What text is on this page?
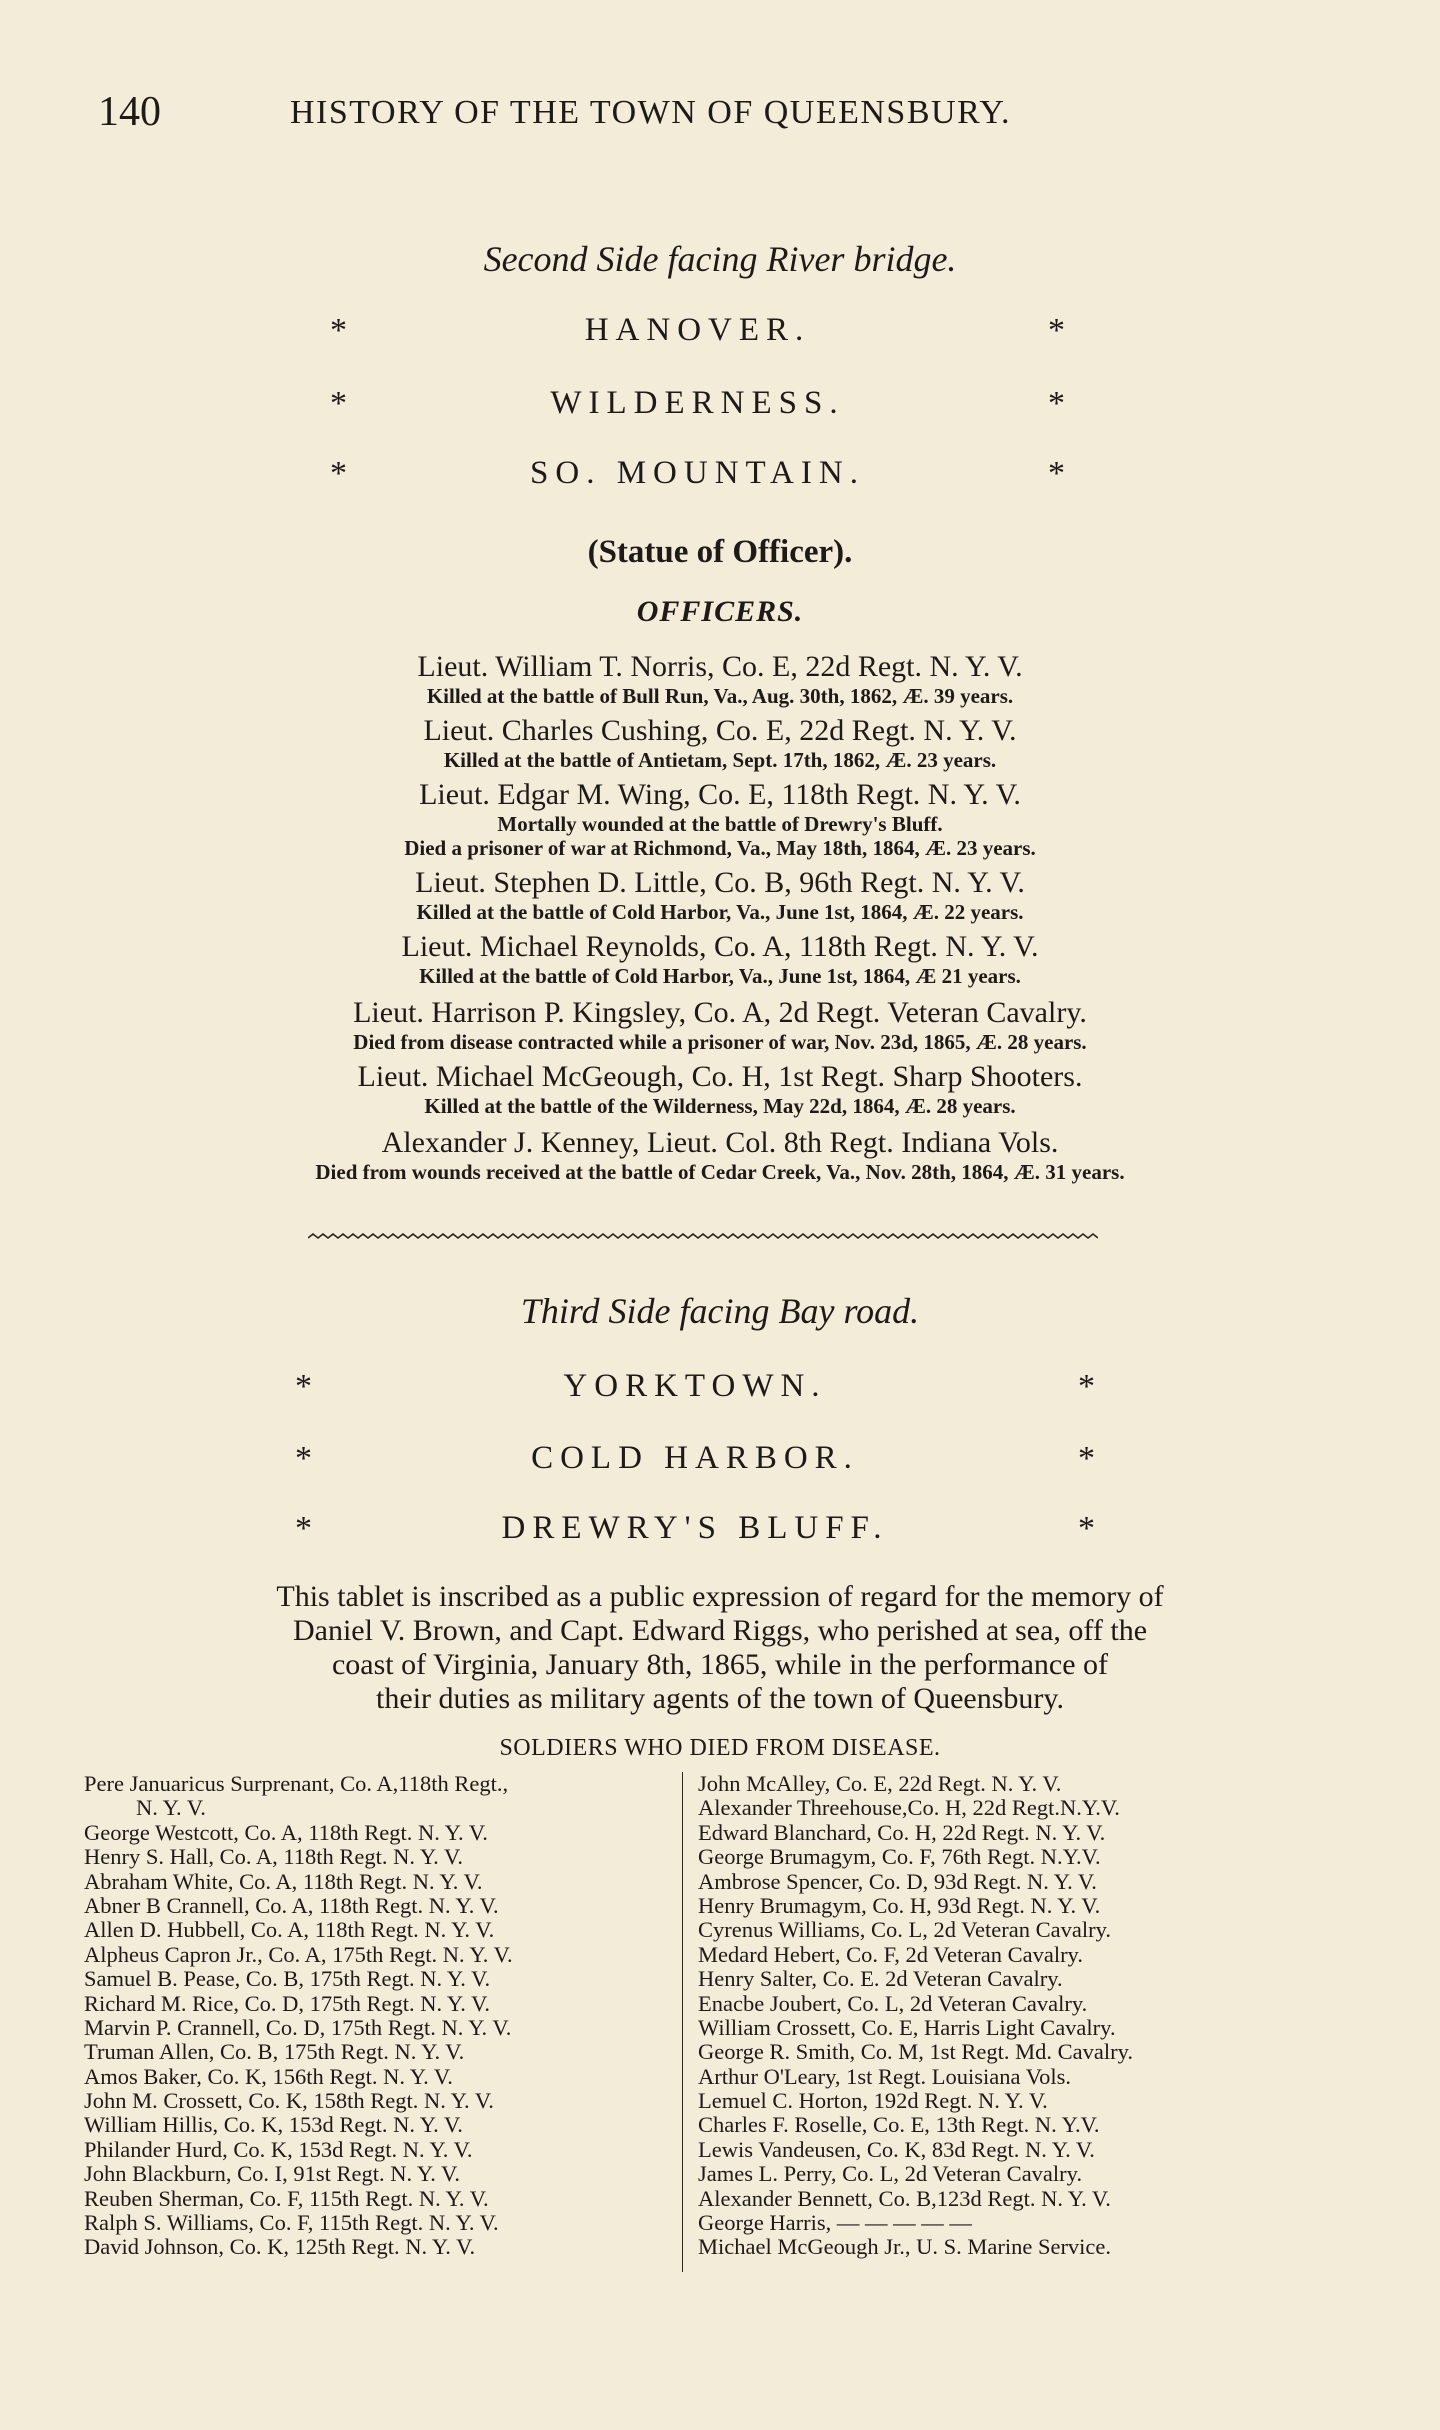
140	HISTORY OF THE TOWN OF QUEENSBURY.
Second Side facing River bridge.
*	HANOVER.	*
*	WILDERNESS.	*
*	SO. MOUNTAIN.	*
(Statue of Officer).
OFFICERS.
Lieut. William T. Norris, Co. E, 22d Regt. N. Y. V.
Killed at the battle of Bull Run, Va., Aug. 30th, 1862, Æ. 39 years.
Lieut. Charles Cushing, Co. E, 22d Regt. N. Y. V.
Killed at the battle of Antietam, Sept. 17th, 1862, Æ. 23 years.
Lieut. Edgar M. Wing, Co. E, 118th Regt. N. Y. V.
Mortally wounded at the battle of Drewry's Bluff.
Died a prisoner of war at Richmond, Va., May 18th, 1864, Æ. 23 years.
Lieut. Stephen D. Little, Co. B, 96th Regt. N. Y. V.
Killed at the battle of Cold Harbor, Va., June 1st, 1864, Æ. 22 years.
Lieut. Michael Reynolds, Co. A, 118th Regt. N. Y. V.
Killed at the battle of Cold Harbor, Va., June 1st, 1864, Æ 21 years.
Lieut. Harrison P. Kingsley, Co. A, 2d Regt. Veteran Cavalry.
Died from disease contracted while a prisoner of war, Nov. 23d, 1865, Æ. 28 years.
Lieut. Michael McGeough, Co. H, 1st Regt. Sharp Shooters.
Killed at the battle of the Wilderness, May 22d, 1864, Æ. 28 years.
Alexander J. Kenney, Lieut. Col. 8th Regt. Indiana Vols.
Died from wounds received at the battle of Cedar Creek, Va., Nov. 28th, 1864, Æ. 31 years.
Third Side facing Bay road.
*	YORKTOWN.	*
*	COLD HARBOR.	*
*	DREWRY'S BLUFF.	*
This tablet is inscribed as a public expression of regard for the memory of
Daniel V. Brown, and Capt. Edward Riggs, who perished at sea, off the
coast of Virginia, January 8th, 1865, while in the performance of
their duties as military agents of the town of Queensbury.
SOLDIERS WHO DIED FROM DISEASE.
Pere Januaricus Surprenant, Co. A,118th Regt.,
N. Y. V.
George Westcott, Co. A, 118th Regt. N. Y. V.
Henry S. Hall, Co. A, 118th Regt. N. Y. V.
Abraham White, Co. A, 118th Regt. N. Y. V.
Abner B Crannell, Co. A, 118th Regt. N. Y. V.
Allen D. Hubbell, Co. A, 118th Regt. N. Y. V.
Alpheus Capron Jr., Co. A, 175th Regt. N. Y. V.
Samuel B. Pease, Co. B, 175th Regt. N. Y. V.
Richard M. Rice, Co. D, 175th Regt. N. Y. V.
Marvin P. Crannell, Co. D, 175th Regt. N. Y. V.
Truman Allen, Co. B, 175th Regt. N. Y. V.
Amos Baker, Co. K, 156th Regt. N. Y. V.
John M. Crossett, Co. K, 158th Regt. N. Y. V.
William Hillis, Co. K, 153d Regt. N. Y. V.
Philander Hurd, Co. K, 153d Regt. N. Y. V.
John Blackburn, Co. I, 91st Regt. N. Y. V.
Reuben Sherman, Co. F, 115th Regt. N. Y. V.
Ralph S. Williams, Co. F, 115th Regt. N. Y. V.
David Johnson, Co. K, 125th Regt. N. Y. V.
John McAlley, Co. E, 22d Regt. N. Y. V.
Alexander Threehouse,Co. H, 22d Regt.N.Y.V.
Edward Blanchard, Co. H, 22d Regt. N. Y. V.
George Brumagym, Co. F, 76th Regt. N.Y.V.
Ambrose Spencer, Co. D, 93d Regt. N. Y. V.
Henry Brumagym, Co. H, 93d Regt. N. Y. V.
Cyrenus Williams, Co. L, 2d Veteran Cavalry.
Medard Hebert, Co. F, 2d Veteran Cavalry.
Henry Salter, Co. E. 2d Veteran Cavalry.
Enacbe Joubert, Co. L, 2d Veteran Cavalry.
William Crossett, Co. E, Harris Light Cavalry.
George R. Smith, Co. M, 1st Regt. Md. Cavalry.
Arthur O'Leary, 1st Regt. Louisiana Vols.
Lemuel C. Horton, 192d Regt. N. Y. V.
Charles F. Roselle, Co. E, 13th Regt. N. Y.V.
Lewis Vandeusen, Co. K, 83d Regt. N. Y. V.
James L. Perry, Co. L, 2d Veteran Cavalry.
Alexander Bennett, Co. B,123d Regt. N. Y. V.
George Harris, — — — — —
Michael McGeough Jr., U. S. Marine Service.
